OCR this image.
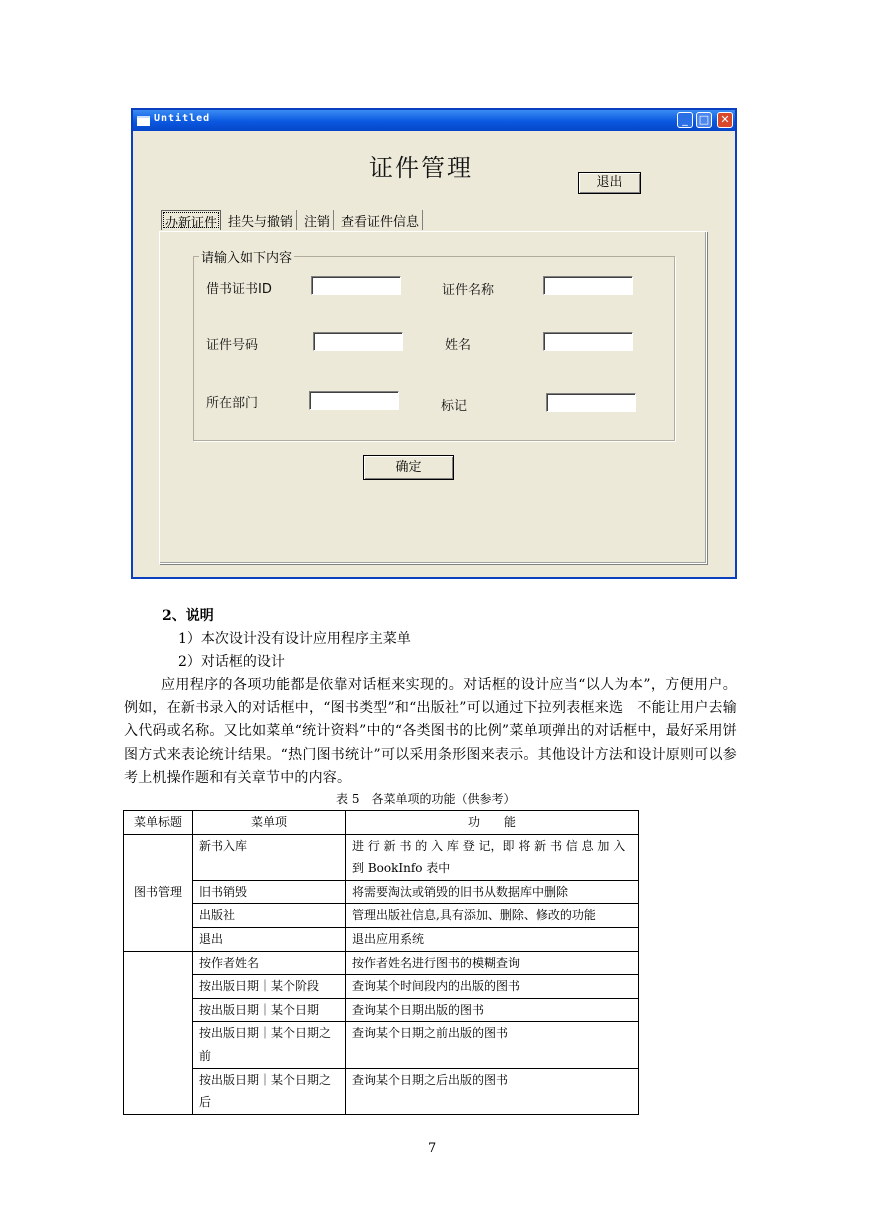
Untitled	_	□	✕
证件管理
退出
办新证件 挂失与撤销 注销 查看证件信息
请输入如下内容
借书证书ID	证件名称
证件号码	姓名
所在部门	标记
确定
2、说明
1）本次设计没有设计应用程序主菜单
2）对话框的设计
应用程序的各项功能都是依靠对话框来实现的。对话框的设计应当“以人为本”，方便用户。例如，在新书录入的对话框中，“图书类型”和“出版社”可以通过下拉列表框来选　不能让用户去输入代码或名称。又比如菜单“统计资料”中的“各类图书的比例”菜单项弹出的对话框中，最好采用饼图方式来表论统计结果。“热门图书统计”可以采用条形图来表示。其他设计方法和设计原则可以参考上机操作题和有关章节中的内容。
表 5　各菜单项的功能（供参考）
菜单标题	菜单项	功　　能
图书管理	新书入库	进 行 新 书 的 入 库 登 记，即 将 新 书 信 息 加 入 到 BookInfo 表中
	旧书销毁	将需要淘汰或销毁的旧书从数据库中删除
	出版社	管理出版社信息,具有添加、删除、修改的功能
	退出	退出应用系统
	按作者姓名	按作者姓名进行图书的模糊查询
	按出版日期｜某个阶段	查询某个时间段内的出版的图书
	按出版日期｜某个日期	查询某个日期出版的图书
	按出版日期｜某个日期之前	查询某个日期之前出版的图书
	按出版日期｜某个日期之后	查询某个日期之后出版的图书
7
